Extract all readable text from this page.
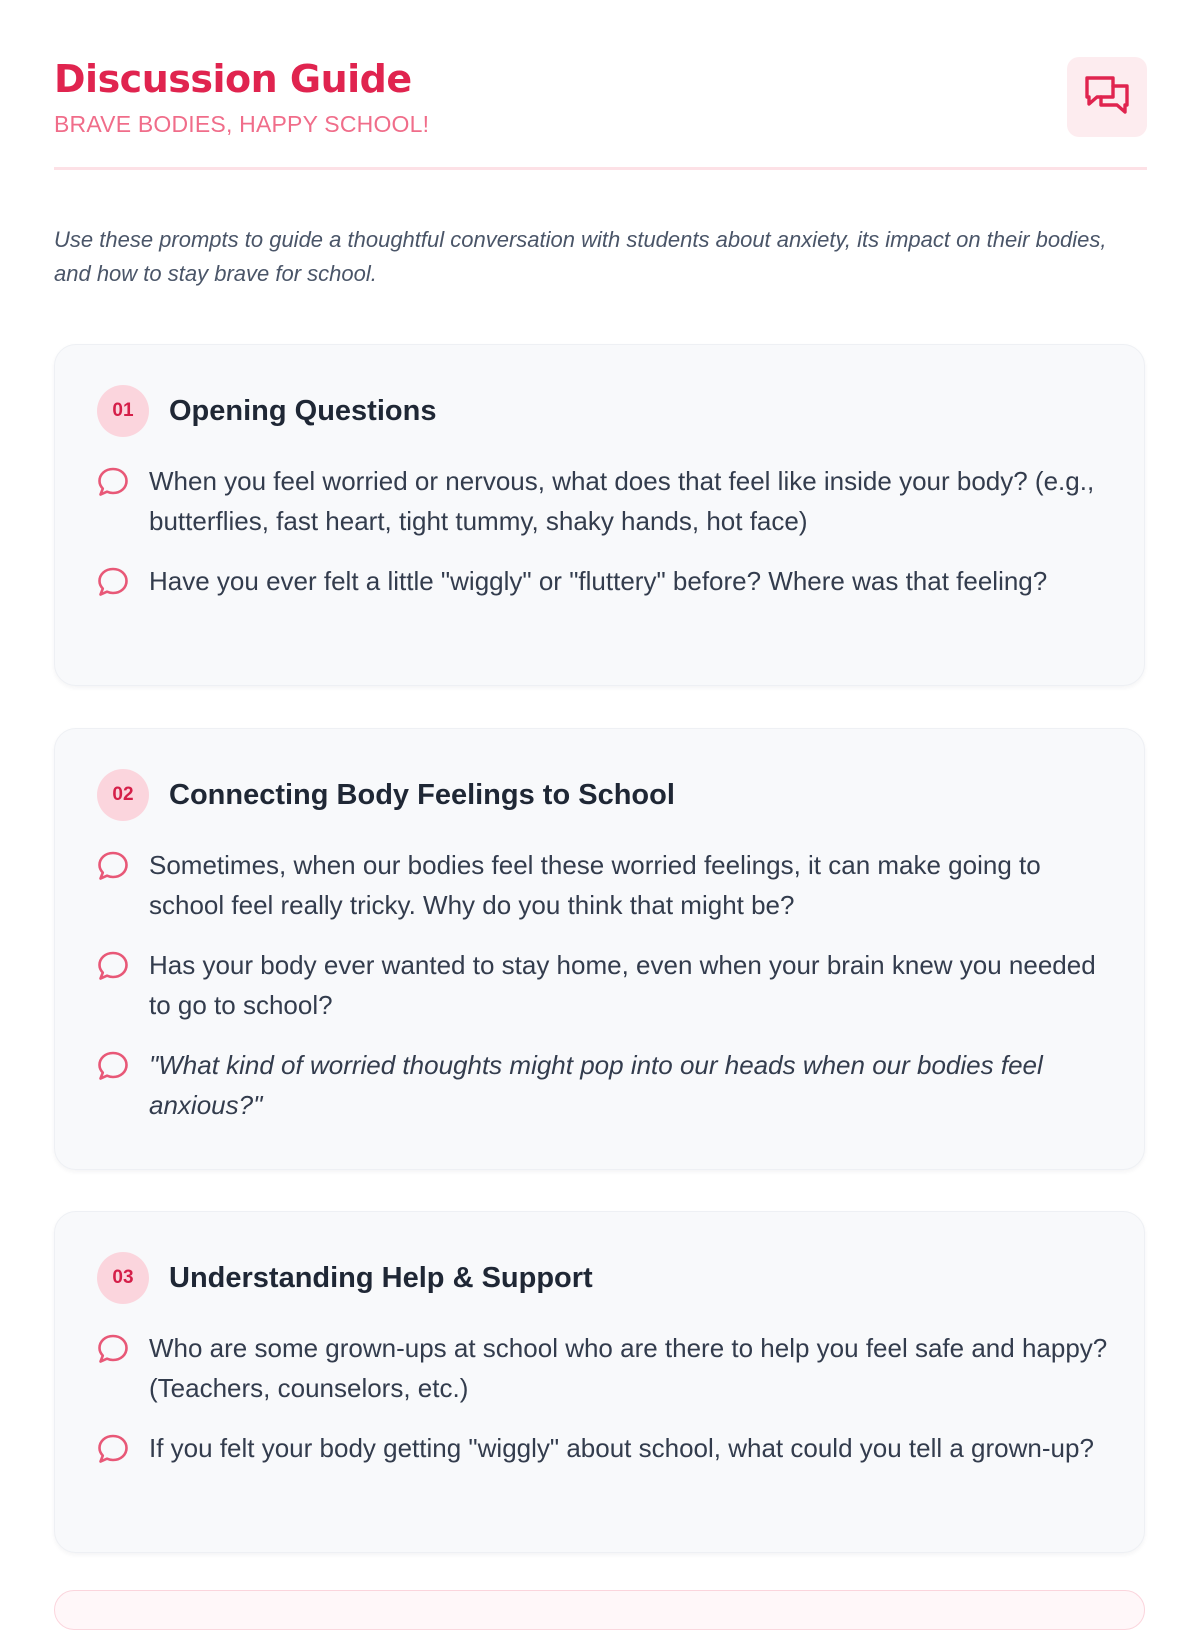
Discussion Guide
BRAVE BODIES, HAPPY SCHOOL!

Use these prompts to guide a thoughtful conversation with students about anxiety, its impact on their bodies, and how to stay brave for school.

01	Opening Questions
When you feel worried or nervous, what does that feel like inside your body? (e.g., butterflies, fast heart, tight tummy, shaky hands, hot face)
Have you ever felt a little "wiggly" or "fluttery" before? Where was that feeling?
02	Connecting Body Feelings to School
Sometimes, when our bodies feel these worried feelings, it can make going to school feel really tricky. Why do you think that might be?
Has your body ever wanted to stay home, even when your brain knew you needed to go to school?
"What kind of worried thoughts might pop into our heads when our bodies feel anxious?"
03	Understanding Help & Support
Who are some grown-ups at school who are there to help you feel safe and happy? (Teachers, counselors, etc.)
If you felt your body getting "wiggly" about school, what could you tell a grown-up?
